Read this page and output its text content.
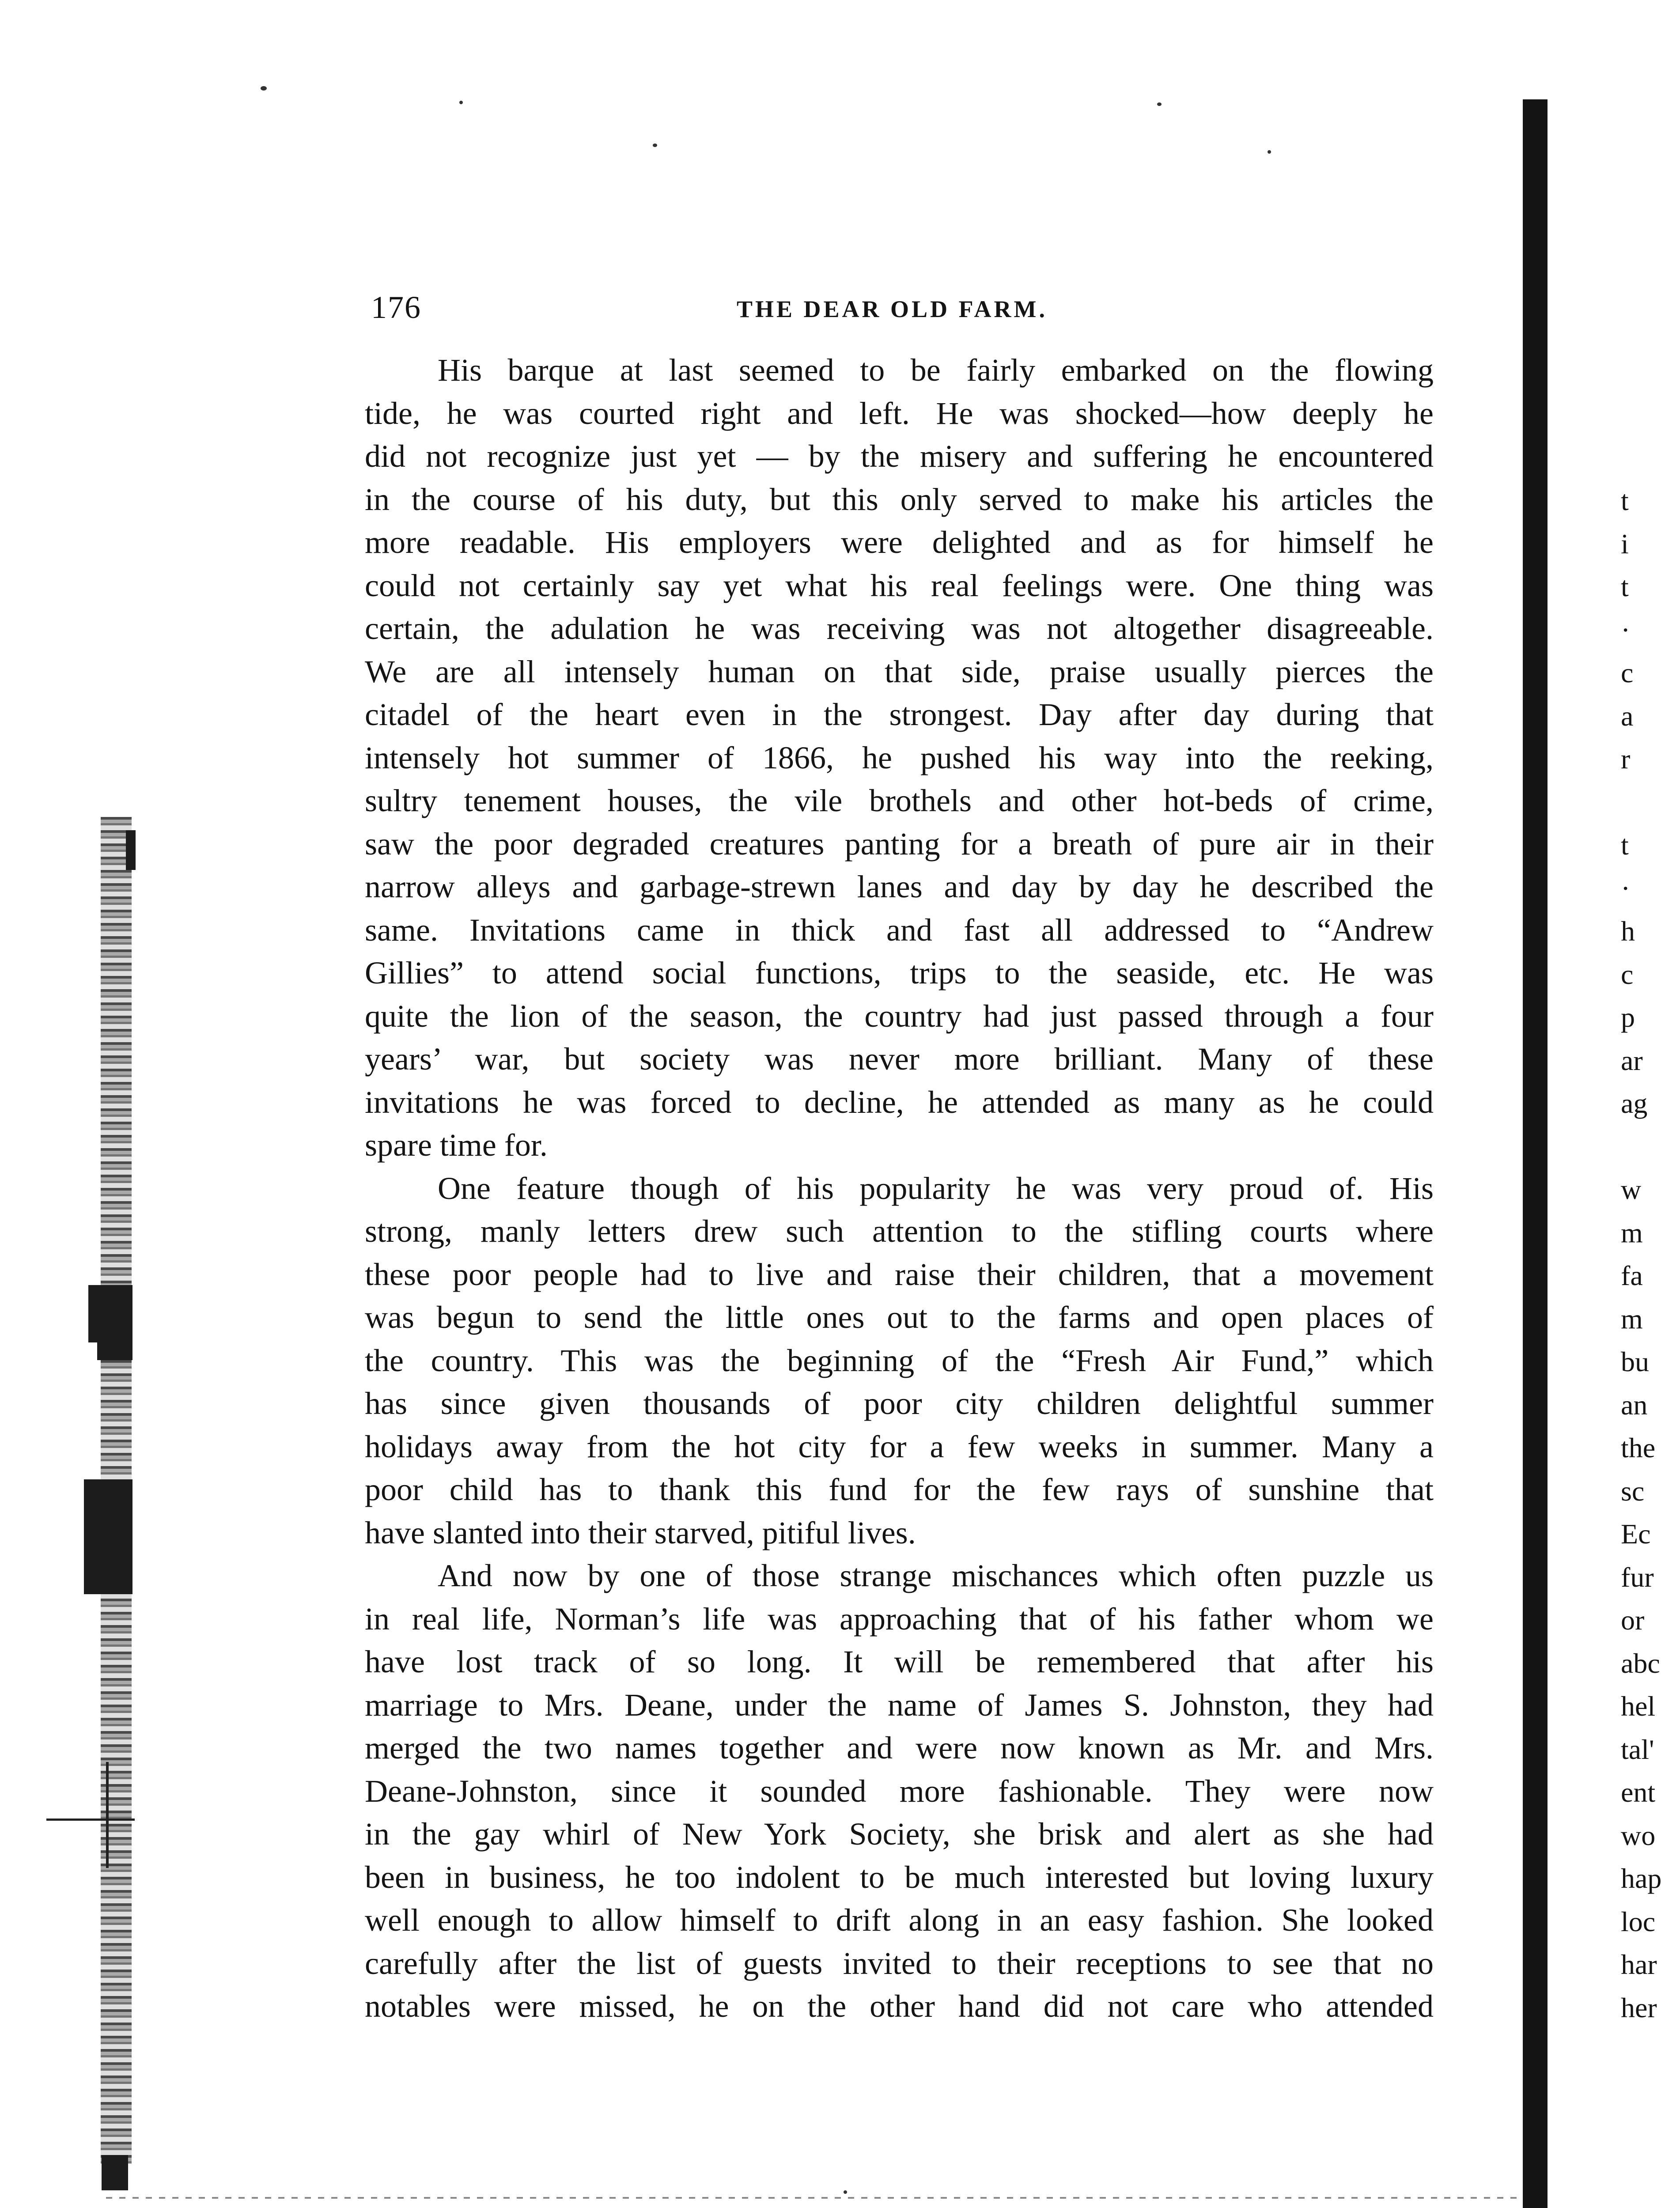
176	THE DEAR OLD FARM.
His barque at last seemed to be fairly embarked on the flowing
tide, he was courted right and left. He was shocked—how deeply he
did not recognize just yet — by the misery and suffering he encountered
in the course of his duty, but this only served to make his articles the
more readable. His employers were delighted and as for himself he
could not certainly say yet what his real feelings were. One thing was
certain, the adulation he was receiving was not altogether disagreeable.
We are all intensely human on that side, praise usually pierces the
citadel of the heart even in the strongest. Day after day during that
intensely hot summer of 1866, he pushed his way into the reeking,
sultry tenement houses, the vile brothels and other hot-beds of crime,
saw the poor degraded creatures panting for a breath of pure air in their
narrow alleys and garbage-strewn lanes and day by day he described the
same. Invitations came in thick and fast all addressed to “Andrew
Gillies” to attend social functions, trips to the seaside, etc. He was
quite the lion of the season, the country had just passed through a four
years’ war, but society was never more brilliant. Many of these
invitations he was forced to decline, he attended as many as he could
spare time for.
One feature though of his popularity he was very proud of. His
strong, manly letters drew such attention to the stifling courts where
these poor people had to live and raise their children, that a movement
was begun to send the little ones out to the farms and open places of
the country. This was the beginning of the “Fresh Air Fund,” which
has since given thousands of poor city children delightful summer
holidays away from the hot city for a few weeks in summer. Many a
poor child has to thank this fund for the few rays of sunshine that
have slanted into their starved, pitiful lives.
And now by one of those strange mischances which often puzzle us
in real life, Norman’s life was approaching that of his father whom we
have lost track of so long. It will be remembered that after his
marriage to Mrs. Deane, under the name of James S. Johnston, they had
merged the two names together and were now known as Mr. and Mrs.
Deane-Johnston, since it sounded more fashionable. They were now
in the gay whirl of New York Society, she brisk and alert as she had
been in business, he too indolent to be much interested but loving luxury
well enough to allow himself to drift along in an easy fashion. She looked
carefully after the list of guests invited to their receptions to see that no
notables were missed, he on the other hand did not care who attended
t
i
t
·
c
a
r
t
·
h
c
p
ar
ag
w
m
fa
m
bu
an
the
sc
Ec
fur
or
abc
hel
tal'
ent
wo
hap
loc
har
her
